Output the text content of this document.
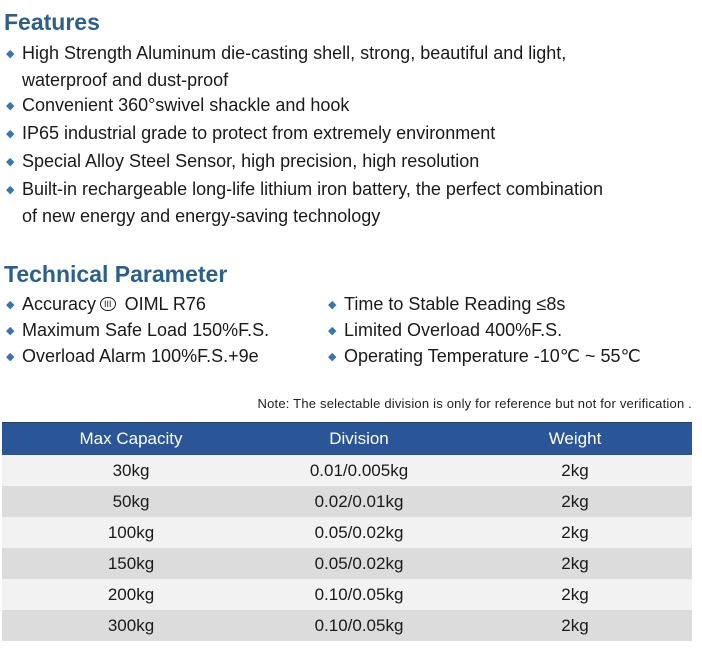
Features
◆ High Strength Aluminum die-casting shell, strong, beautiful and light,
waterproof and dust-proof
◆ Convenient 360°swivel shackle and hook
◆ IP65 industrial grade to protect from extremely environment
◆ Special Alloy Steel Sensor, high precision, high resolution
◆ Built-in rechargeable long-life lithium iron battery, the perfect combination
of new energy and energy-saving technology
Technical Parameter
◆ Accuracy III OIML R76
◆ Maximum Safe Load 150%F.S.
◆ Overload Alarm 100%F.S.+9e
◆ Time to Stable Reading ≤8s
◆ Limited Overload 400%F.S.
◆ Operating Temperature -10℃ ~ 55℃
Note: The selectable division is only for reference but not for verification .
Max Capacity	Division	Weight
30kg	0.01/0.005kg	2kg
50kg	0.02/0.01kg	2kg
100kg	0.05/0.02kg	2kg
150kg	0.05/0.02kg	2kg
200kg	0.10/0.05kg	2kg
300kg	0.10/0.05kg	2kg
